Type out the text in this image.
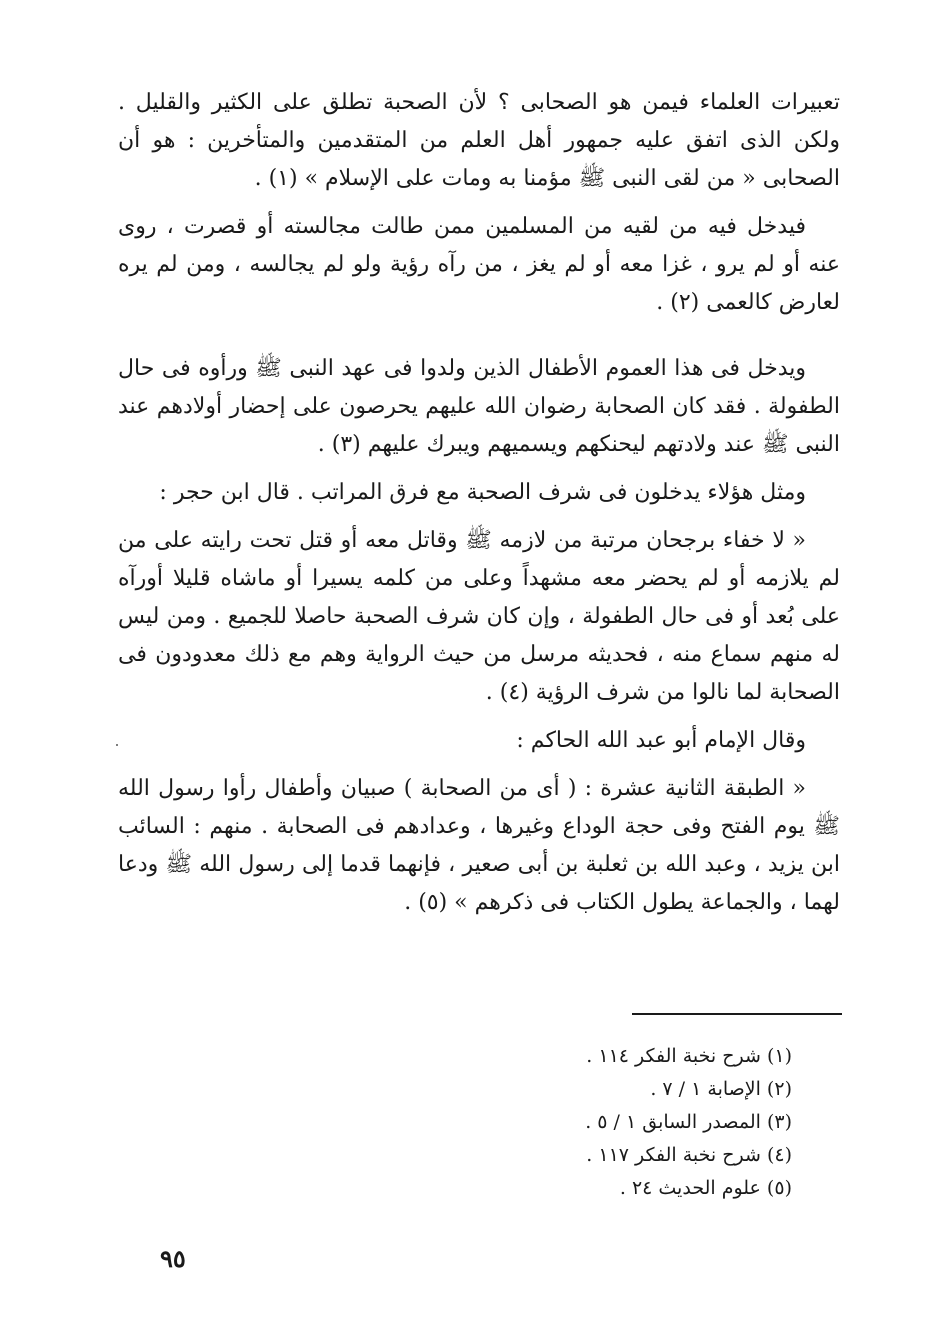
تعبيرات العلماء فيمن هو الصحابى ؟ لأن الصحبة تطلق على الكثير والقليل . ولكن الذى اتفق عليه جمهور أهل العلم من المتقدمين والمتأخرين : هو أن الصحابى « من لقى النبى ﷺ مؤمنا به ومات على الإسلام » (١) .

فيدخل فيه من لقيه من المسلمين ممن طالت مجالسته أو قصرت ، روى عنه أو لم يرو ، غزا معه أو لم يغز ، من رآه رؤية ولو لم يجالسه ، ومن لم يره لعارض كالعمى (٢) .

ويدخل فى هذا العموم الأطفال الذين ولدوا فى عهد النبى ﷺ ورأوه فى حال الطفولة . فقد كان الصحابة رضوان الله عليهم يحرصون على إحضار أولادهم عند النبى ﷺ عند ولادتهم ليحنكهم ويسميهم ويبرك عليهم (٣) .

ومثل هؤلاء يدخلون فى شرف الصحبة مع فرق المراتب . قال ابن حجر :

« لا خفاء برجحان مرتبة من لازمه ﷺ وقاتل معه أو قتل تحت رايته على من لم يلازمه أو لم يحضر معه مشهداً وعلى من كلمه يسيرا أو ماشاه قليلا أورآه على بُعد أو فى حال الطفولة ، وإن كان شرف الصحبة حاصلا للجميع . ومن ليس له منهم سماع منه ، فحديثه مرسل من حيث الرواية وهم مع ذلك معدودون فى الصحابة لما نالوا من شرف الرؤية (٤) .

وقال الإمام أبو عبد الله الحاكم :

« الطبقة الثانية عشرة : ( أى من الصحابة ) صبيان وأطفال رأوا رسول الله ﷺ يوم الفتح وفى حجة الوداع وغيرها ، وعدادهم فى الصحابة . منهم : السائب ابن يزيد ، وعبد الله بن ثعلبة بن أبى صعير ، فإنهما قدما إلى رسول الله ﷺ ودعا لهما ، والجماعة يطول الكتاب فى ذكرهم » (٥) .

(١) شرح نخبة الفكر ١١٤ .
(٢) الإصابة ١ / ٧ .
(٣) المصدر السابق ١ / ٥ .
(٤) شرح نخبة الفكر ١١٧ .
(٥) علوم الحديث ٢٤ .
٩٥
